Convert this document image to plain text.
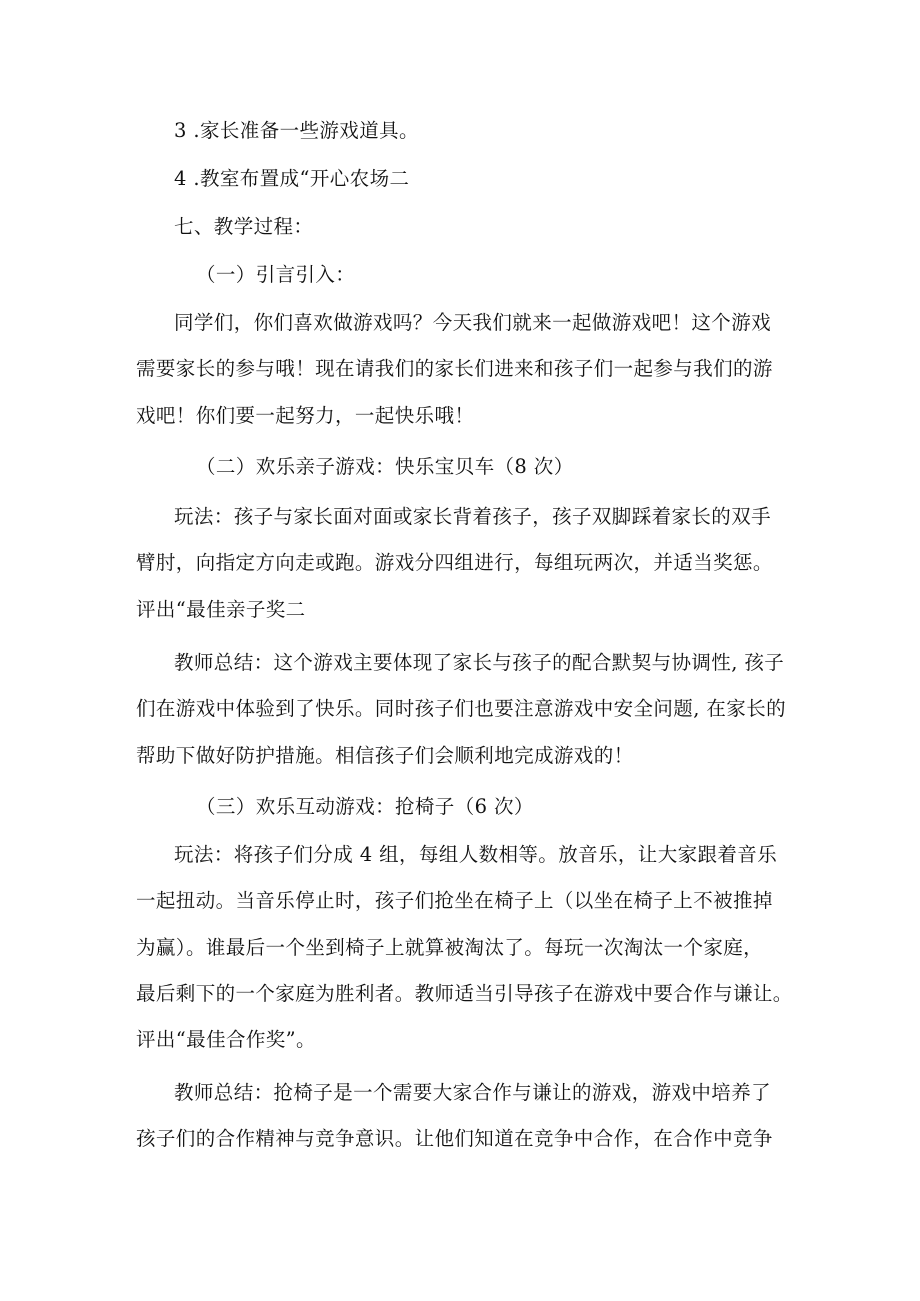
3 .家长准备一些游戏道具。

4 .教室布置成“开心农场二

七、教学过程：

（一）引言引入：

同学们，你们喜欢做游戏吗？今天我们就来一起做游戏吧！这个游戏
需要家长的参与哦！现在请我们的家长们进来和孩子们一起参与我们的游
戏吧！你们要一起努力，一起快乐哦！

（二）欢乐亲子游戏：快乐宝贝车（8 次）

玩法：孩子与家长面对面或家长背着孩子，孩子双脚踩着家长的双手
臂肘，向指定方向走或跑。游戏分四组进行，每组玩两次，并适当奖惩。
评出“最佳亲子奖二

教师总结：这个游戏主要体现了家长与孩子的配合默契与协调性, 孩子
们在游戏中体验到了快乐。同时孩子们也要注意游戏中安全问题, 在家长的
帮助下做好防护措施。相信孩子们会顺利地完成游戏的！

（三）欢乐互动游戏：抢椅子（6 次）

玩法：将孩子们分成 4 组，每组人数相等。放音乐，让大家跟着音乐
一起扭动。当音乐停止时，孩子们抢坐在椅子上（以坐在椅子上不被推掉
为赢）。谁最后一个坐到椅子上就算被淘汰了。每玩一次淘汰一个家庭，
最后剩下的一个家庭为胜利者。教师适当引导孩子在游戏中要合作与谦让。
评出“最佳合作奖”。

教师总结：抢椅子是一个需要大家合作与谦让的游戏，游戏中培养了
孩子们的合作精神与竞争意识。让他们知道在竞争中合作，在合作中竞争
